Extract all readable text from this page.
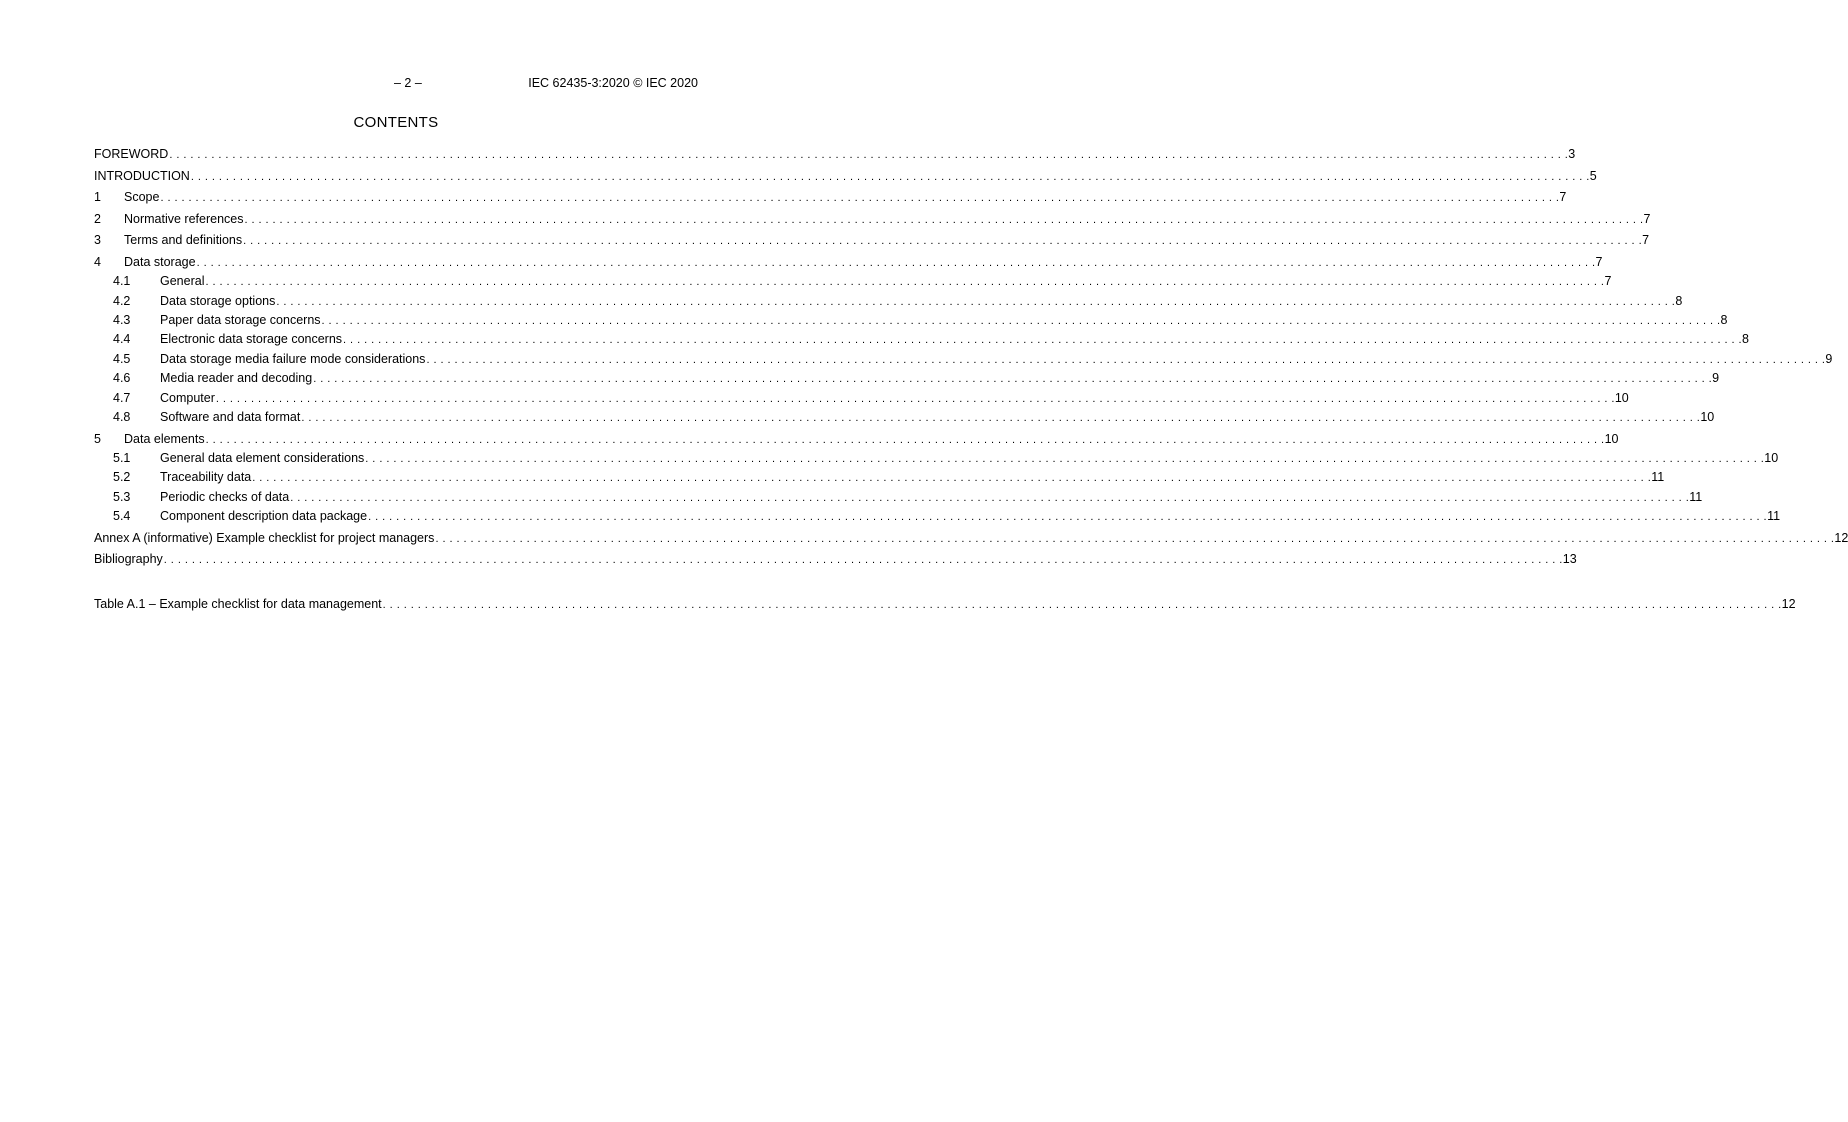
– 2 –	IEC 62435-3:2020 © IEC 2020
CONTENTS
FOREWORD . . . . . . . . . . . . . . . . . . . . . . . . . . . . . . . . . . . . . . . . . . . . . . . . . . . . . . . . . . . . . . . . . . . . . . . . . . . . . . . . . . . . . . . . . . . . . . . . . . . . . . . . . . . . . . . . . . . . . . . . . . . . . . . . . . . . . . . . . . . . . . . . . . . . . . . . . . . . . . . . . . . . . . . . . . . . . . . . . . . . . . . . . . . . . . . . . . . . . . . . 3
INTRODUCTION . . . . . . . . . . . . . . . . . . . . . . . . . . . . . . . . . . . . . . . . . . . . . . . . . . . . . . . . . . . . . . . . . . . . . . . . . . . . . . . . . . . . . . . . . . . . . . . . . . . . . . . . . . . . . . . . . . . . . . . . . . . . . . . . . . . . . . . . . . . . . . . . . . . . . . . . . . . . . . . . . . . . . . . . . . . . . . . . . . . . . . . . . . . . . . . . . . . . . . . . 5
1	Scope . . . . . . . . . . . . . . . . . . . . . . . . . . . . . . . . . . . . . . . . . . . . . . . . . . . . . . . . . . . . . . . . . . . . . . . . . . . . . . . . . . . . . . . . . . . . . . . . . . . . . . . . . . . . . . . . . . . . . . . . . . . . . . . . . . . . . . . . . . . . . . . . . . . . . . . . . . . . . . . . . . . . . . . . . . . . . . . . . . . . . . . . . . . . . . . . . . . . . . . . 7
2	Normative references . . . . . . . . . . . . . . . . . . . . . . . . . . . . . . . . . . . . . . . . . . . . . . . . . . . . . . . . . . . . . . . . . . . . . . . . . . . . . . . . . . . . . . . . . . . . . . . . . . . . . . . . . . . . . . . . . . . . . . . . . . . . . . . . . . . . . . . . . . . . . . . . . . . . . . . . . . . . . . . . . . . . . . . . . . . . . . . . . . . . . . . . . . . . . . . . . . . . . . . . 7
3	Terms and definitions . . . . . . . . . . . . . . . . . . . . . . . . . . . . . . . . . . . . . . . . . . . . . . . . . . . . . . . . . . . . . . . . . . . . . . . . . . . . . . . . . . . . . . . . . . . . . . . . . . . . . . . . . . . . . . . . . . . . . . . . . . . . . . . . . . . . . . . . . . . . . . . . . . . . . . . . . . . . . . . . . . . . . . . . . . . . . . . . . . . . . . . . . . . . . . . . . . . . . . . . 7
4	Data storage . . . . . . . . . . . . . . . . . . . . . . . . . . . . . . . . . . . . . . . . . . . . . . . . . . . . . . . . . . . . . . . . . . . . . . . . . . . . . . . . . . . . . . . . . . . . . . . . . . . . . . . . . . . . . . . . . . . . . . . . . . . . . . . . . . . . . . . . . . . . . . . . . . . . . . . . . . . . . . . . . . . . . . . . . . . . . . . . . . . . . . . . . . . . . . . . . . . . . . . . 7
4.1	General . . . . . . . . . . . . . . . . . . . . . . . . . . . . . . . . . . . . . . . . . . . . . . . . . . . . . . . . . . . . . . . . . . . . . . . . . . . . . . . . . . . . . . . . . . . . . . . . . . . . . . . . . . . . . . . . . . . . . . . . . . . . . . . . . . . . . . . . . . . . . . . . . . . . . . . . . . . . . . . . . . . . . . . . . . . . . . . . . . . . . . . . . . . . . . . . . . . . . . . . 7
4.2	Data storage options . . . . . . . . . . . . . . . . . . . . . . . . . . . . . . . . . . . . . . . . . . . . . . . . . . . . . . . . . . . . . . . . . . . . . . . . . . . . . . . . . . . . . . . . . . . . . . . . . . . . . . . . . . . . . . . . . . . . . . . . . . . . . . . . . . . . . . . . . . . . . . . . . . . . . . . . . . . . . . . . . . . . . . . . . . . . . . . . . . . . . . . . . . . . . . . . . . . . . . . . 8
4.3	Paper data storage concerns . . . . . . . . . . . . . . . . . . . . . . . . . . . . . . . . . . . . . . . . . . . . . . . . . . . . . . . . . . . . . . . . . . . . . . . . . . . . . . . . . . . . . . . . . . . . . . . . . . . . . . . . . . . . . . . . . . . . . . . . . . . . . . . . . . . . . . . . . . . . . . . . . . . . . . . . . . . . . . . . . . . . . . . . . . . . . . . . . . . . . . . . . . . . . . . . . . . . . . . . 8
4.4	Electronic data storage concerns . . . . . . . . . . . . . . . . . . . . . . . . . . . . . . . . . . . . . . . . . . . . . . . . . . . . . . . . . . . . . . . . . . . . . . . . . . . . . . . . . . . . . . . . . . . . . . . . . . . . . . . . . . . . . . . . . . . . . . . . . . . . . . . . . . . . . . . . . . . . . . . . . . . . . . . . . . . . . . . . . . . . . . . . . . . . . . . . . . . . . . . . . . . . . . . . . . . . . . . . 8
4.5	Data storage media failure mode considerations . . . . . . . . . . . . . . . . . . . . . . . . . . . . . . . . . . . . . . . . . . . . . . . . . . . . . . . . . . . . . . . . . . . . . . . . . . . . . . . . . . . . . . . . . . . . . . . . . . . . . . . . . . . . . . . . . . . . . . . . . . . . . . . . . . . . . . . . . . . . . . . . . . . . . . . . . . . . . . . . . . . . . . . . . . . . . . . . . . . . . . . . . . . . . . . . . . . . . . . . 9
4.6	Media reader and decoding . . . . . . . . . . . . . . . . . . . . . . . . . . . . . . . . . . . . . . . . . . . . . . . . . . . . . . . . . . . . . . . . . . . . . . . . . . . . . . . . . . . . . . . . . . . . . . . . . . . . . . . . . . . . . . . . . . . . . . . . . . . . . . . . . . . . . . . . . . . . . . . . . . . . . . . . . . . . . . . . . . . . . . . . . . . . . . . . . . . . . . . . . . . . . . . . . . . . . . . . 9
4.7	Computer . . . . . . . . . . . . . . . . . . . . . . . . . . . . . . . . . . . . . . . . . . . . . . . . . . . . . . . . . . . . . . . . . . . . . . . . . . . . . . . . . . . . . . . . . . . . . . . . . . . . . . . . . . . . . . . . . . . . . . . . . . . . . . . . . . . . . . . . . . . . . . . . . . . . . . . . . . . . . . . . . . . . . . . . . . . . . . . . . . . . . . . . . . . . . . . . . . . . . . . . 10
4.8	Software and data format . . . . . . . . . . . . . . . . . . . . . . . . . . . . . . . . . . . . . . . . . . . . . . . . . . . . . . . . . . . . . . . . . . . . . . . . . . . . . . . . . . . . . . . . . . . . . . . . . . . . . . . . . . . . . . . . . . . . . . . . . . . . . . . . . . . . . . . . . . . . . . . . . . . . . . . . . . . . . . . . . . . . . . . . . . . . . . . . . . . . . . . . . . . . . . . . . . . . . . . . 10
5	Data elements . . . . . . . . . . . . . . . . . . . . . . . . . . . . . . . . . . . . . . . . . . . . . . . . . . . . . . . . . . . . . . . . . . . . . . . . . . . . . . . . . . . . . . . . . . . . . . . . . . . . . . . . . . . . . . . . . . . . . . . . . . . . . . . . . . . . . . . . . . . . . . . . . . . . . . . . . . . . . . . . . . . . . . . . . . . . . . . . . . . . . . . . . . . . . . . . . . . . . . . . 10
5.1	General data element considerations . . . . . . . . . . . . . . . . . . . . . . . . . . . . . . . . . . . . . . . . . . . . . . . . . . . . . . . . . . . . . . . . . . . . . . . . . . . . . . . . . . . . . . . . . . . . . . . . . . . . . . . . . . . . . . . . . . . . . . . . . . . . . . . . . . . . . . . . . . . . . . . . . . . . . . . . . . . . . . . . . . . . . . . . . . . . . . . . . . . . . . . . . . . . . . . . . . . . . . . . 10
5.2	Traceability data . . . . . . . . . . . . . . . . . . . . . . . . . . . . . . . . . . . . . . . . . . . . . . . . . . . . . . . . . . . . . . . . . . . . . . . . . . . . . . . . . . . . . . . . . . . . . . . . . . . . . . . . . . . . . . . . . . . . . . . . . . . . . . . . . . . . . . . . . . . . . . . . . . . . . . . . . . . . . . . . . . . . . . . . . . . . . . . . . . . . . . . . . . . . . . . . . . . . . . . . 11
5.3	Periodic checks of data . . . . . . . . . . . . . . . . . . . . . . . . . . . . . . . . . . . . . . . . . . . . . . . . . . . . . . . . . . . . . . . . . . . . . . . . . . . . . . . . . . . . . . . . . . . . . . . . . . . . . . . . . . . . . . . . . . . . . . . . . . . . . . . . . . . . . . . . . . . . . . . . . . . . . . . . . . . . . . . . . . . . . . . . . . . . . . . . . . . . . . . . . . . . . . . . . . . . . . . . 11
5.4	Component description data package . . . . . . . . . . . . . . . . . . . . . . . . . . . . . . . . . . . . . . . . . . . . . . . . . . . . . . . . . . . . . . . . . . . . . . . . . . . . . . . . . . . . . . . . . . . . . . . . . . . . . . . . . . . . . . . . . . . . . . . . . . . . . . . . . . . . . . . . . . . . . . . . . . . . . . . . . . . . . . . . . . . . . . . . . . . . . . . . . . . . . . . . . . . . . . . . . . . . . . . . 11
Annex A (informative) Example checklist for project managers . . . . . . . . . . . . . . . . . . . . . . . . . . . . . . . . . . . . . . . . . . . . . . . . . . . . . . . . . . . . . . . . . . . . . . . . . . . . . . . . . . . . . . . . . . . . . . . . . . . . . . . . . . . . . . . . . . . . . . . . . . . . . . . . . . . . . . . . . . . . . . . . . . . . . . . . . . . . . . . . . . . . . . . . . . . . . . . . . . . . . . . . . . . . . . . . . . . . . . . . 12
Bibliography . . . . . . . . . . . . . . . . . . . . . . . . . . . . . . . . . . . . . . . . . . . . . . . . . . . . . . . . . . . . . . . . . . . . . . . . . . . . . . . . . . . . . . . . . . . . . . . . . . . . . . . . . . . . . . . . . . . . . . . . . . . . . . . . . . . . . . . . . . . . . . . . . . . . . . . . . . . . . . . . . . . . . . . . . . . . . . . . . . . . . . . . . . . . . . . . . . . . . . . . 13
Table A.1 – Example checklist for data management . . . . . . . . . . . . . . . . . . . . . . . . . . . . . . . . . . . . . . . . . . . . . . . . . . . . . . . . . . . . . . . . . . . . . . . . . . . . . . . . . . . . . . . . . . . . . . . . . . . . . . . . . . . . . . . . . . . . . . . . . . . . . . . . . . . . . . . . . . . . . . . . . . . . . . . . . . . . . . . . . . . . . . . . . . . . . . . . . . . . . . . . . . . . . . . . . . . . . . . . 12
